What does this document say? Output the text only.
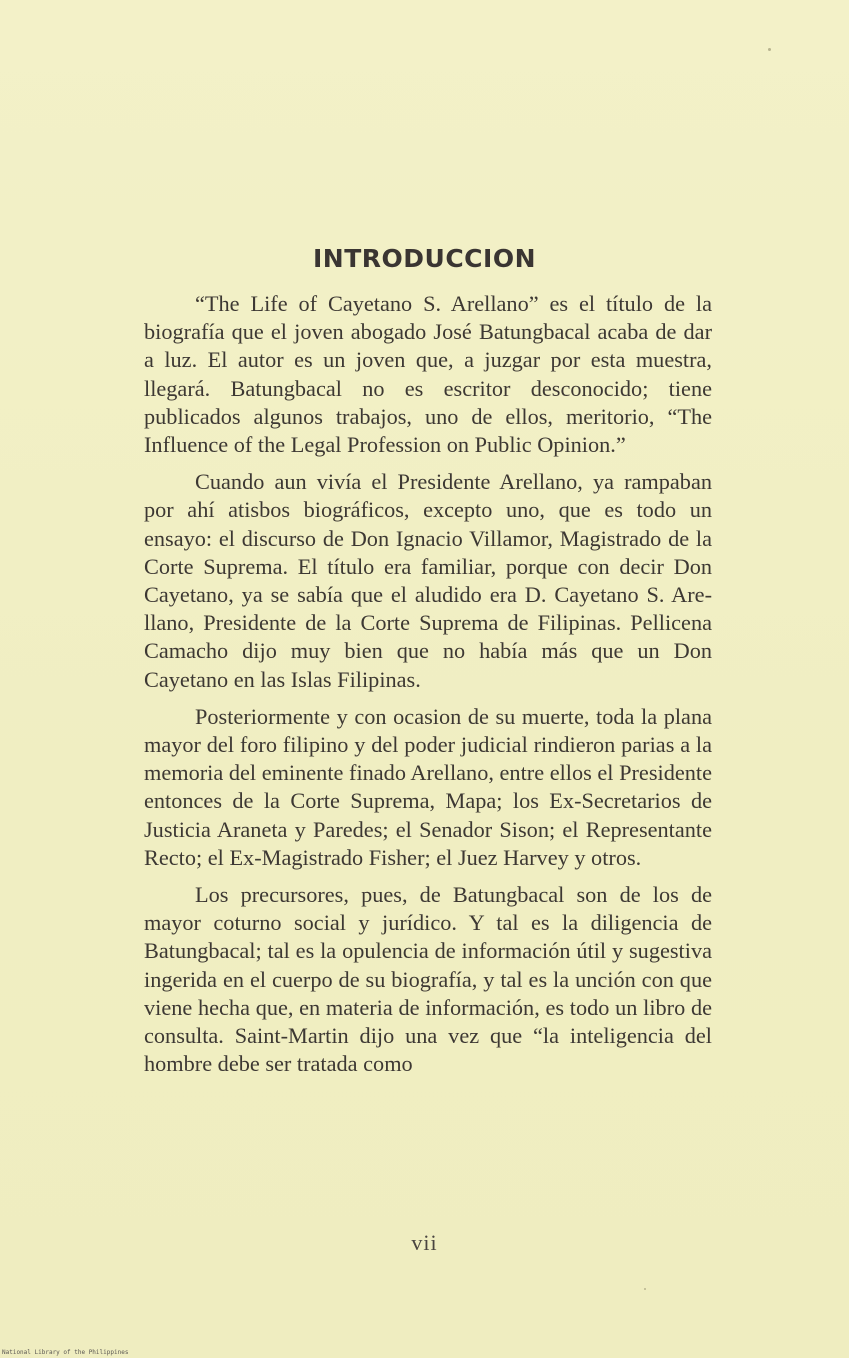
INTRODUCCION

“The Life of Cayetano S. Arellano” es el título de la biografía que el joven abogado José Batungbacal acaba de dar a luz. El autor es un joven que, a juzgar por esta muestra, llegará. Batungbacal no es escritor desconocido; tiene publicados algunos trabajos, uno de ellos, meritorio, “The Influence of the Legal Profession on Public Opinion.”

Cuando aun vivía el Presidente Arellano, ya rampaban por ahí atisbos biográficos, excepto uno, que es todo un ensayo: el discurso de Don Ignacio Villamor, Magistrado de la Corte Suprema. El título era familiar, porque con decir Don Cayetano, ya se sabía que el aludido era D. Cayetano S. Arellano, Presidente de la Corte Suprema de Filipinas. Pellicena Camacho dijo muy bien que no había más que un Don Cayetano en las Islas Filipinas.

Posteriormente y con ocasion de su muerte, toda la plana mayor del foro filipino y del poder judicial rindieron parias a la memoria del eminente finado Arellano, entre ellos el Presidente entonces de la Corte Suprema, Mapa; los Ex-Secretarios de Justicia Araneta y Paredes; el Senador Sison; el Representante Recto; el Ex-Magistrado Fisher; el Juez Harvey y otros.

Los precursores, pues, de Batungbacal son de los de mayor coturno social y jurídico. Y tal es la diligencia de Batungbacal; tal es la opulencia de información útil y sugestiva ingerida en el cuerpo de su biografía, y tal es la unción con que viene hecha que, en materia de información, es todo un libro de consulta. Saint-Martin dijo una vez que “la inteligencia del hombre debe ser tratada como

vii
National Library of the Philippines
